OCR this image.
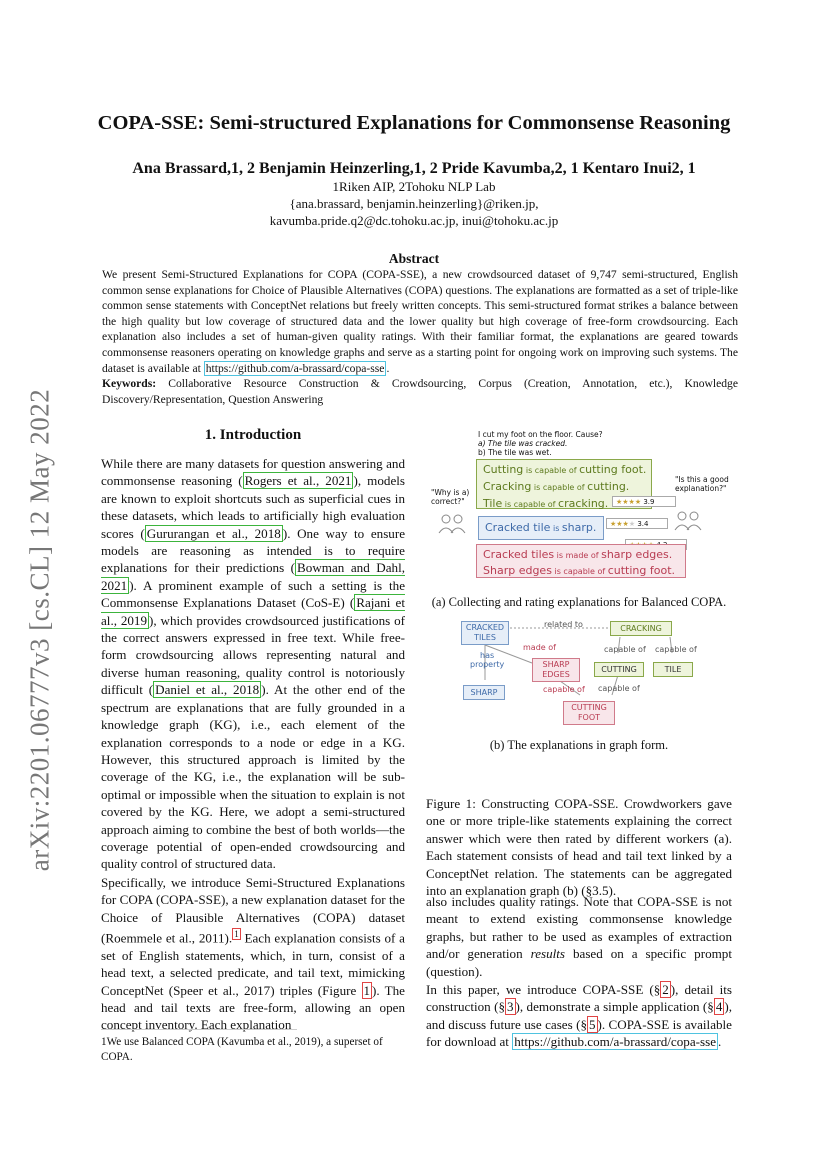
arXiv:2201.06777v3 [cs.CL] 12 May 2022
COPA-SSE: Semi-structured Explanations for Commonsense Reasoning
Ana Brassard,1, 2 Benjamin Heinzerling,1, 2 Pride Kavumba,2, 1 Kentaro Inui2, 1
1Riken AIP, 2Tohoku NLP Lab
{ana.brassard, benjamin.heinzerling}@riken.jp,
kavumba.pride.q2@dc.tohoku.ac.jp, inui@tohoku.ac.jp
Abstract
We present Semi-Structured Explanations for COPA (COPA-SSE), a new crowdsourced dataset of 9,747 semi-structured, English common sense explanations for Choice of Plausible Alternatives (COPA) questions. The explanations are formatted as a set of triple-like common sense statements with ConceptNet relations but freely written concepts. This semi-structured format strikes a balance between the high quality but low coverage of structured data and the lower quality but high coverage of free-form crowdsourcing. Each explanation also includes a set of human-given quality ratings. With their familiar format, the explanations are geared towards commonsense reasoners operating on knowledge graphs and serve as a starting point for ongoing work on improving such systems. The dataset is available at https://github.com/a-brassard/copa-sse .
Keywords: Collaborative Resource Construction & Crowdsourcing, Corpus (Creation, Annotation, etc.), Knowledge Discovery/Representation, Question Answering
1. Introduction

While there are many datasets for question answering and commonsense reasoning ( Rogers et al., 2021 ), models are known to exploit shortcuts such as superficial cues in these datasets, which leads to artificially high evaluation scores ( Gururangan et al., 2018 ). One way to ensure models are reasoning as intended is to require explanations for their predictions ( Bowman and Dahl, 2021 ). A prominent example of such a setting is the Commonsense Explanations Dataset (CoS-E) ( Rajani et al., 2019 ), which provides crowdsourced justifications of the correct answers expressed in free text. While free-form crowdsourcing allows representing natural and diverse human reasoning, quality control is notoriously difficult ( Daniel et al., 2018 ). At the other end of the spectrum are explanations that are fully grounded in a knowledge graph (KG), i.e., each element of the explanation corresponds to a node or edge in a KG. However, this structured approach is limited by the coverage of the KG, i.e., the explanation will be sub-optimal or impossible when the situation to explain is not covered by the KG. Here, we adopt a semi-structured approach aiming to combine the best of both worlds—the coverage potential of open-ended crowdsourcing and quality control of structured data.

Specifically, we introduce Semi-Structured Explanations for COPA (COPA-SSE), a new explanation dataset for the Choice of Plausible Alternatives (COPA) dataset (Roemmele et al., 2011). $^1$ Each explanation consists of a set of English statements, which, in turn, consist of a head text, a selected predicate, and tail text, mimicking ConceptNet (Speer et al., 2017) triples (Figure 1 ). The head and tail texts are free-form, allowing an open concept inventory. Each explanation

1We use Balanced COPA (Kavumba et al., 2019), a superset of COPA.
I cut my foot on the floor. Cause?
a) The tile was cracked.
b) The tile was wet.
"Why is a)
correct?"
"Is this a good
explanation?"
Cutting is capable of cutting foot.
Cracking is capable of cutting.
Tile is capable of cracking.	★★★★ 3.9
Cracked tile is sharp.	★★★★ 3.4
Cracked tiles is made of sharp edges.
Sharp edges is capable of cutting foot.
(a) Collecting and rating explanations for Balanced COPA.
CRACKED
TILES
CRACKING
SHARP
EDGES
CUTTING	TILE
SHARP
CUTTING
FOOT
related to
made of
has
property
capable of capable of
capable of capable of
(b) The explanations in graph form.
Figure 1: Constructing COPA-SSE. Crowdworkers gave one or more triple-like statements explaining the correct answer which were then rated by different workers (a). Each statement consists of head and tail text linked by a ConceptNet relation. The statements can be aggregated into an explanation graph (b) (§3.5).

also includes quality ratings. Note that COPA-SSE is not meant to extend existing commonsense knowledge graphs, but rather to be used as examples of extraction and/or generation results based on a specific prompt (question).

In this paper, we introduce COPA-SSE (§ 2 ), detail its construction (§ 3 ), demonstrate a simple application (§ 4 ), and discuss future use cases (§ 5 ). COPA-SSE is available for download at https://github.com/a-brassard/copa-sse .
